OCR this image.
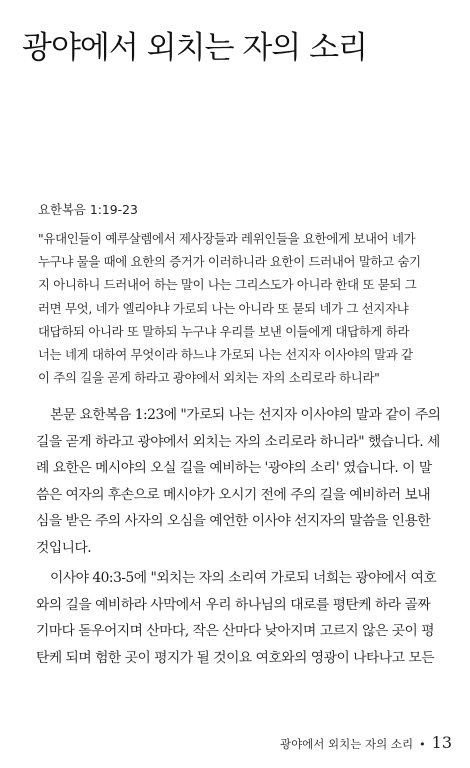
광야에서 외치는 자의 소리
요한복음 1:19-23
"유대인들이 예루살렘에서 제사장들과 레위인들을 요한에게 보내어 네가
누구냐 물을 때에 요한의 증거가 이러하니라 요한이 드러내어 말하고 숨기
지 아니하니 드러내어 하는 말이 나는 그리스도가 아니라 한대 또 묻되 그
러면 무엇, 네가 엘리야냐 가로되 나는 아니라 또 묻되 네가 그 선지자냐
대답하되 아니라 또 말하되 누구냐 우리를 보낸 이들에게 대답하게 하라
너는 네게 대하여 무엇이라 하느냐 가로되 나는 선지자 이사야의 말과 같
이 주의 길을 곧게 하라고 광야에서 외치는 자의 소리로라 하니라"
본문 요한복음 1:23에 "가로되 나는 선지자 이사야의 말과 같이 주의
길을 곧게 하라고 광야에서 외치는 자의 소리로라 하니라" 했습니다. 세
례 요한은 메시야의 오실 길을 예비하는 '광야의 소리' 였습니다. 이 말
씀은 여자의 후손으로 메시야가 오시기 전에 주의 길을 예비하러 보내
심을 받은 주의 사자의 오심을 예언한 이사야 선지자의 말씀을 인용한
것입니다.
이사야 40:3-5에 "외치는 자의 소리여 가로되 너희는 광야에서 여호
와의 길을 예비하라 사막에서 우리 하나님의 대로를 평탄케 하라 골짜
기마다 돋우어지며 산마다, 작은 산마다 낮아지며 고르지 않은 곳이 평
탄케 되며 험한 곳이 평지가 될 것이요 여호와의 영광이 나타나고 모든
광야에서 외치는 자의 소리 • 13
